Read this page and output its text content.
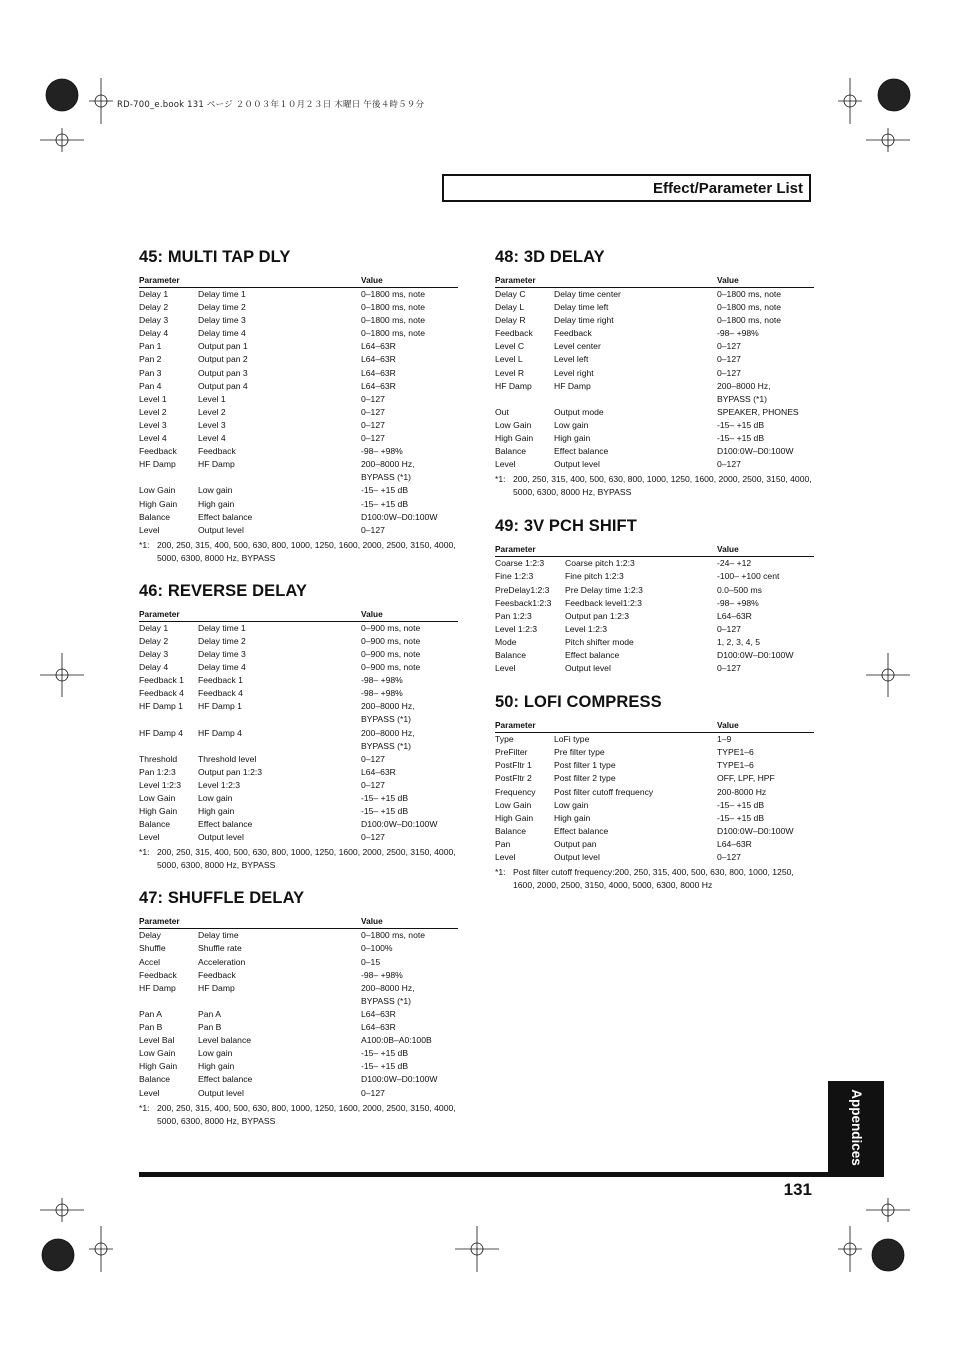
RD-700_e.book 131 ページ ２００３年１０月２３日 木曜日 午後４時５９分
Effect/Parameter List
45: MULTI TAP DLY
Parameter		Value
Delay 1	Delay time 1	0–1800 ms, note
Delay 2	Delay time 2	0–1800 ms, note
Delay 3	Delay time 3	0–1800 ms, note
Delay 4	Delay time 4	0–1800 ms, note
Pan 1	Output pan 1	L64–63R
Pan 2	Output pan 2	L64–63R
Pan 3	Output pan 3	L64–63R
Pan 4	Output pan 4	L64–63R
Level 1	Level 1	0–127
Level 2	Level 2	0–127
Level 3	Level 3	0–127
Level 4	Level 4	0–127
Feedback	Feedback	-98– +98%
HF Damp	HF Damp	200–8000 Hz,
		BYPASS (*1)
Low Gain	Low gain	-15– +15 dB
High Gain	High gain	-15– +15 dB
Balance	Effect balance	D100:0W–D0:100W
Level	Output level	0–127
*1: 200, 250, 315, 400, 500, 630, 800, 1000, 1250, 1600, 2000, 2500, 3150, 4000, 5000, 6300, 8000 Hz, BYPASS
46: REVERSE DELAY
Parameter		Value
Delay 1	Delay time 1	0–900 ms, note
Delay 2	Delay time 2	0–900 ms, note
Delay 3	Delay time 3	0–900 ms, note
Delay 4	Delay time 4	0–900 ms, note
Feedback 1	Feedback 1	-98– +98%
Feedback 4	Feedback 4	-98– +98%
HF Damp 1	HF Damp 1	200–8000 Hz,
		BYPASS (*1)
HF Damp 4	HF Damp 4	200–8000 Hz,
		BYPASS (*1)
Threshold	Threshold level	0–127
Pan 1:2:3	Output pan 1:2:3	L64–63R
Level 1:2:3	Level 1:2:3	0–127
Low Gain	Low gain	-15– +15 dB
High Gain	High gain	-15– +15 dB
Balance	Effect balance	D100:0W–D0:100W
Level	Output level	0–127
*1: 200, 250, 315, 400, 500, 630, 800, 1000, 1250, 1600, 2000, 2500, 3150, 4000, 5000, 6300, 8000 Hz, BYPASS
47: SHUFFLE DELAY
Parameter		Value
Delay	Delay time	0–1800 ms, note
Shuffle	Shuffle rate	0–100%
Accel	Acceleration	0–15
Feedback	Feedback	-98– +98%
HF Damp	HF Damp	200–8000 Hz,
		BYPASS (*1)
Pan A	Pan A	L64–63R
Pan B	Pan B	L64–63R
Level Bal	Level balance	A100:0B–A0:100B
Low Gain	Low gain	-15– +15 dB
High Gain	High gain	-15– +15 dB
Balance	Effect balance	D100:0W–D0:100W
Level	Output level	0–127
*1: 200, 250, 315, 400, 500, 630, 800, 1000, 1250, 1600, 2000, 2500, 3150, 4000, 5000, 6300, 8000 Hz, BYPASS
48: 3D DELAY
Parameter		Value
Delay C	Delay time center	0–1800 ms, note
Delay L	Delay time left	0–1800 ms, note
Delay R	Delay time right	0–1800 ms, note
Feedback	Feedback	-98– +98%
Level C	Level center	0–127
Level L	Level left	0–127
Level R	Level right	0–127
HF Damp	HF Damp	200–8000 Hz,
		BYPASS (*1)
Out	Output mode	SPEAKER, PHONES
Low Gain	Low gain	-15– +15 dB
High Gain	High gain	-15– +15 dB
Balance	Effect balance	D100:0W–D0:100W
Level	Output level	0–127
*1: 200, 250, 315, 400, 500, 630, 800, 1000, 1250, 1600, 2000, 2500, 3150, 4000, 5000, 6300, 8000 Hz, BYPASS
49: 3V PCH SHIFT
Parameter		Value
Coarse 1:2:3	Coarse pitch 1:2:3	-24– +12
Fine 1:2:3	Fine pitch 1:2:3	-100– +100 cent
PreDelay1:2:3	Pre Delay time 1:2:3	0.0–500 ms
Feesback1:2:3	Feedback level1:2:3	-98– +98%
Pan 1:2:3	Output pan 1:2:3	L64–63R
Level 1:2:3	Level 1:2:3	0–127
Mode	Pitch shifter mode	1, 2, 3, 4, 5
Balance	Effect balance	D100:0W–D0:100W
Level	Output level	0–127
50: LOFI COMPRESS
Parameter		Value
Type	LoFi type	1–9
PreFilter	Pre filter type	TYPE1–6
PostFltr 1	Post filter 1 type	TYPE1–6
PostFltr 2	Post filter 2 type	OFF, LPF, HPF
Frequency	Post filter cutoff frequency	200-8000 Hz
Low Gain	Low gain	-15– +15 dB
High Gain	High gain	-15– +15 dB
Balance	Effect balance	D100:0W–D0:100W
Pan	Output pan	L64–63R
Level	Output level	0–127
*1: Post filter cutoff frequency:200, 250, 315, 400, 500, 630, 800, 1000, 1250, 1600, 2000, 2500, 3150, 4000, 5000, 6300, 8000 Hz
131
Appendices
